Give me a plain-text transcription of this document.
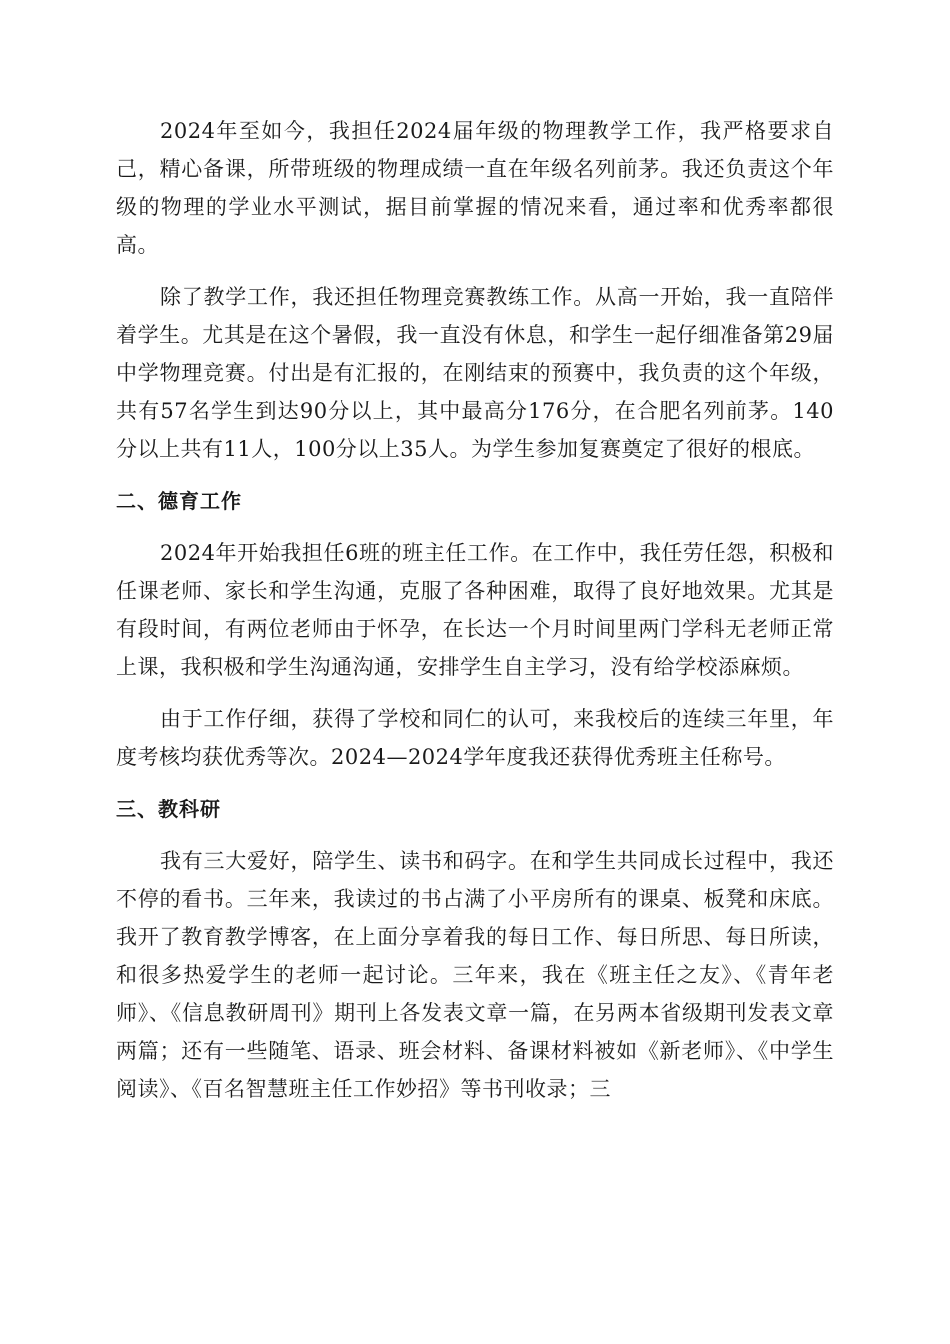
2024年至如今，我担任2024届年级的物理教学工作，我严格要求自己，精心备课，所带班级的物理成绩一直在年级名列前茅。我还负责这个年级的物理的学业水平测试，据目前掌握的情况来看，通过率和优秀率都很高。

除了教学工作，我还担任物理竞赛教练工作。从高一开始，我一直陪伴着学生。尤其是在这个暑假，我一直没有休息，和学生一起仔细准备第29届中学物理竞赛。付出是有汇报的，在刚结束的预赛中，我负责的这个年级，共有57名学生到达90分以上，其中最高分176分，在合肥名列前茅。140分以上共有11人，100分以上35人。为学生参加复赛奠定了很好的根底。

二、德育工作

2024年开始我担任6班的班主任工作。在工作中，我任劳任怨，积极和任课老师、家长和学生沟通，克服了各种困难，取得了良好地效果。尤其是有段时间，有两位老师由于怀孕，在长达一个月时间里两门学科无老师正常上课，我积极和学生沟通沟通，安排学生自主学习，没有给学校添麻烦。

由于工作仔细，获得了学校和同仁的认可，来我校后的连续三年里，年度考核均获优秀等次。2024—2024学年度我还获得优秀班主任称号。

三、教科研

我有三大爱好，陪学生、读书和码字。在和学生共同成长过程中，我还不停的看书。三年来，我读过的书占满了小平房所有的课桌、板凳和床底。我开了教育教学博客，在上面分享着我的每日工作、每日所思、每日所读，和很多热爱学生的老师一起讨论。三年来，我在《班主任之友》、《青年老师》、《信息教研周刊》期刊上各发表文章一篇，在另两本省级期刊发表文章两篇；还有一些随笔、语录、班会材料、备课材料被如《新老师》、《中学生阅读》、《百名智慧班主任工作妙招》等书刊收录；三
